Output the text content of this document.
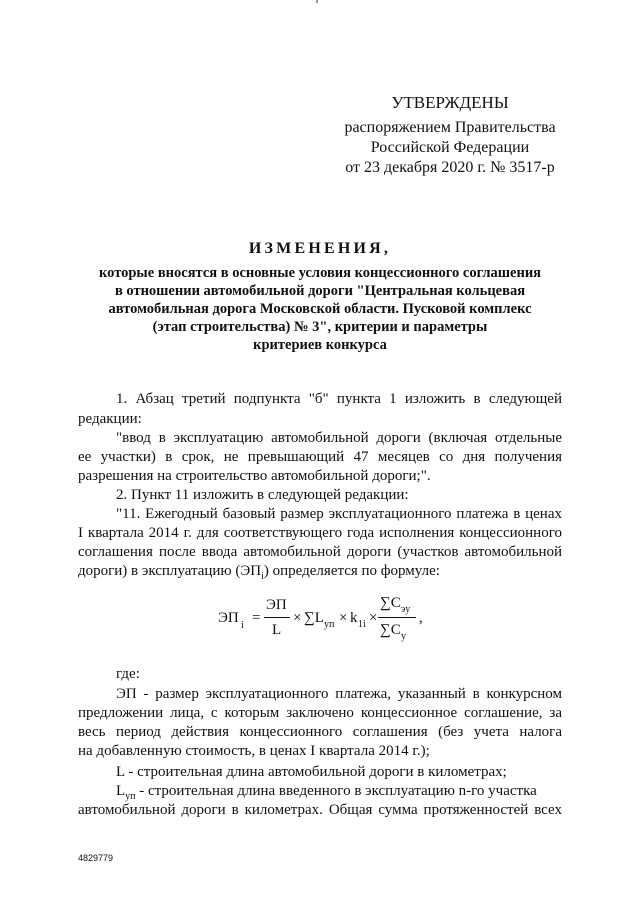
УТВЕРЖДЕНЫ
распоряжением Правительства
Российской Федерации
от 23 декабря 2020 г. № 3517-р
ИЗМЕНЕНИЯ,
которые вносятся в основные условия концессионного соглашения
в отношении автомобильной дороги "Центральная кольцевая
автомобильная дорога Московской области. Пусковой комплекс
(этап строительства) № 3", критерии и параметры
критериев конкурса
1. Абзац третий подпункта "б" пункта 1 изложить в следующей
редакции:
"ввод в эксплуатацию автомобильной дороги (включая отдельные
ее участки) в срок, не превышающий 47 месяцев со дня получения
разрешения на строительство автомобильной дороги;".
2. Пункт 11 изложить в следующей редакции:
"11. Ежегодный базовый размер эксплуатационного платежа в ценах
I квартала 2014 г. для соответствующего года исполнения концессионного
соглашения после ввода автомобильной дороги (участков автомобильной
дороги) в эксплуатацию $(ЭП_i)$ определяется по формуле:
ЭП i =
ЭП
L
× ∑L уп × k 1i ×
∑C эу
∑C у
,
где:
ЭП - размер эксплуатационного платежа, указанный в конкурсном
предложении лица, с которым заключено концессионное соглашение, за
весь период действия концессионного соглашения (без учета налога
на добавленную стоимость, в ценах I квартала 2014 г.);
L - строительная длина автомобильной дороги в километрах;
$L_{уп}$ - строительная длина введенного в эксплуатацию n-го участка
автомобильной дороги в километрах. Общая сумма протяженностей всех
4829779
